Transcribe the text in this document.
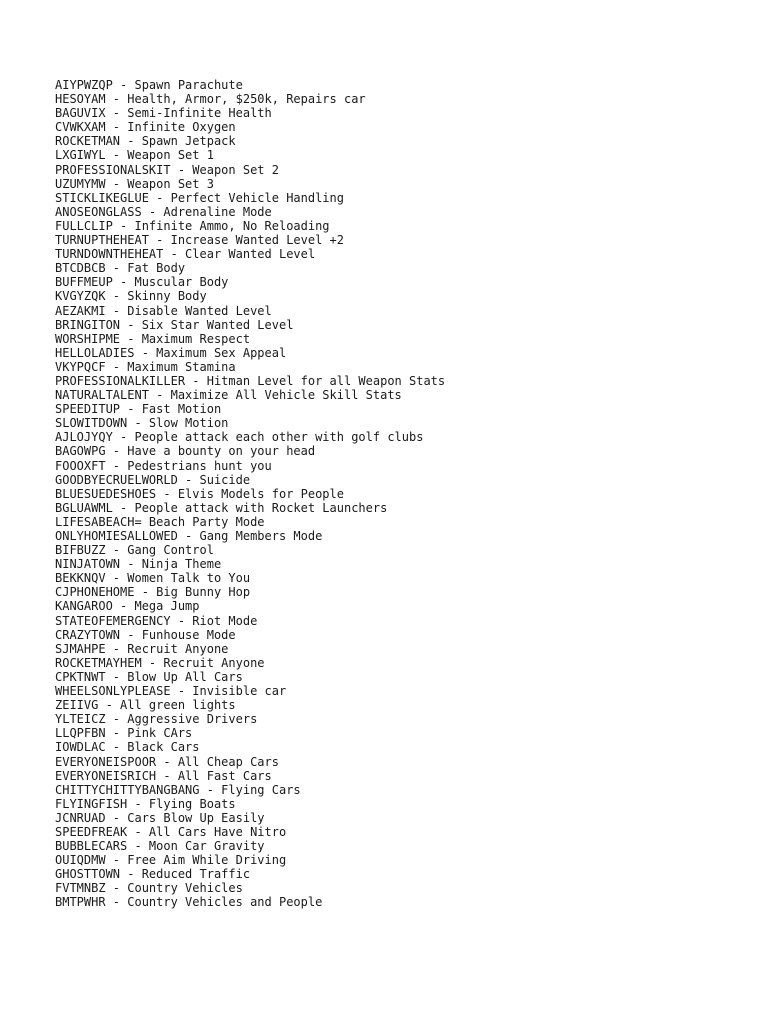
AIYPWZQP - Spawn Parachute
HESOYAM - Health, Armor, $250k, Repairs car
BAGUVIX - Semi-Infinite Health
CVWKXAM - Infinite Oxygen
ROCKETMAN - Spawn Jetpack
LXGIWYL - Weapon Set 1
PROFESSIONALSKIT - Weapon Set 2
UZUMYMW - Weapon Set 3
STICKLIKEGLUE - Perfect Vehicle Handling
ANOSEONGLASS - Adrenaline Mode
FULLCLIP - Infinite Ammo, No Reloading
TURNUPTHEHEAT - Increase Wanted Level +2
TURNDOWNTHEHEAT - Clear Wanted Level
BTCDBCB - Fat Body
BUFFMEUP - Muscular Body
KVGYZQK - Skinny Body
AEZAKMI - Disable Wanted Level
BRINGITON - Six Star Wanted Level
WORSHIPME - Maximum Respect
HELLOLADIES - Maximum Sex Appeal
VKYPQCF - Maximum Stamina
PROFESSIONALKILLER - Hitman Level for all Weapon Stats
NATURALTALENT - Maximize All Vehicle Skill Stats
SPEEDITUP - Fast Motion
SLOWITDOWN - Slow Motion
AJLOJYQY - People attack each other with golf clubs
BAGOWPG - Have a bounty on your head
FOOOXFT - Pedestrians hunt you
GOODBYECRUELWORLD - Suicide
BLUESUEDESHOES - Elvis Models for People
BGLUAWML - People attack with Rocket Launchers
LIFESABEACH= Beach Party Mode
ONLYHOMIESALLOWED - Gang Members Mode
BIFBUZZ - Gang Control
NINJATOWN - Ninja Theme
BEKKNQV - Women Talk to You
CJPHONEHOME - Big Bunny Hop
KANGAROO - Mega Jump
STATEOFEMERGENCY - Riot Mode
CRAZYTOWN - Funhouse Mode
SJMAHPE - Recruit Anyone
ROCKETMAYHEM - Recruit Anyone
CPKTNWT - Blow Up All Cars
WHEELSONLYPLEASE - Invisible car
ZEIIVG - All green lights
YLTEICZ - Aggressive Drivers
LLQPFBN - Pink CArs
IOWDLAC - Black Cars
EVERYONEISPOOR - All Cheap Cars
EVERYONEISRICH - All Fast Cars
CHITTYCHITTYBANGBANG - Flying Cars
FLYINGFISH - Flying Boats
JCNRUAD - Cars Blow Up Easily
SPEEDFREAK - All Cars Have Nitro
BUBBLECARS - Moon Car Gravity
OUIQDMW - Free Aim While Driving
GHOSTTOWN - Reduced Traffic
FVTMNBZ - Country Vehicles
BMTPWHR - Country Vehicles and People
